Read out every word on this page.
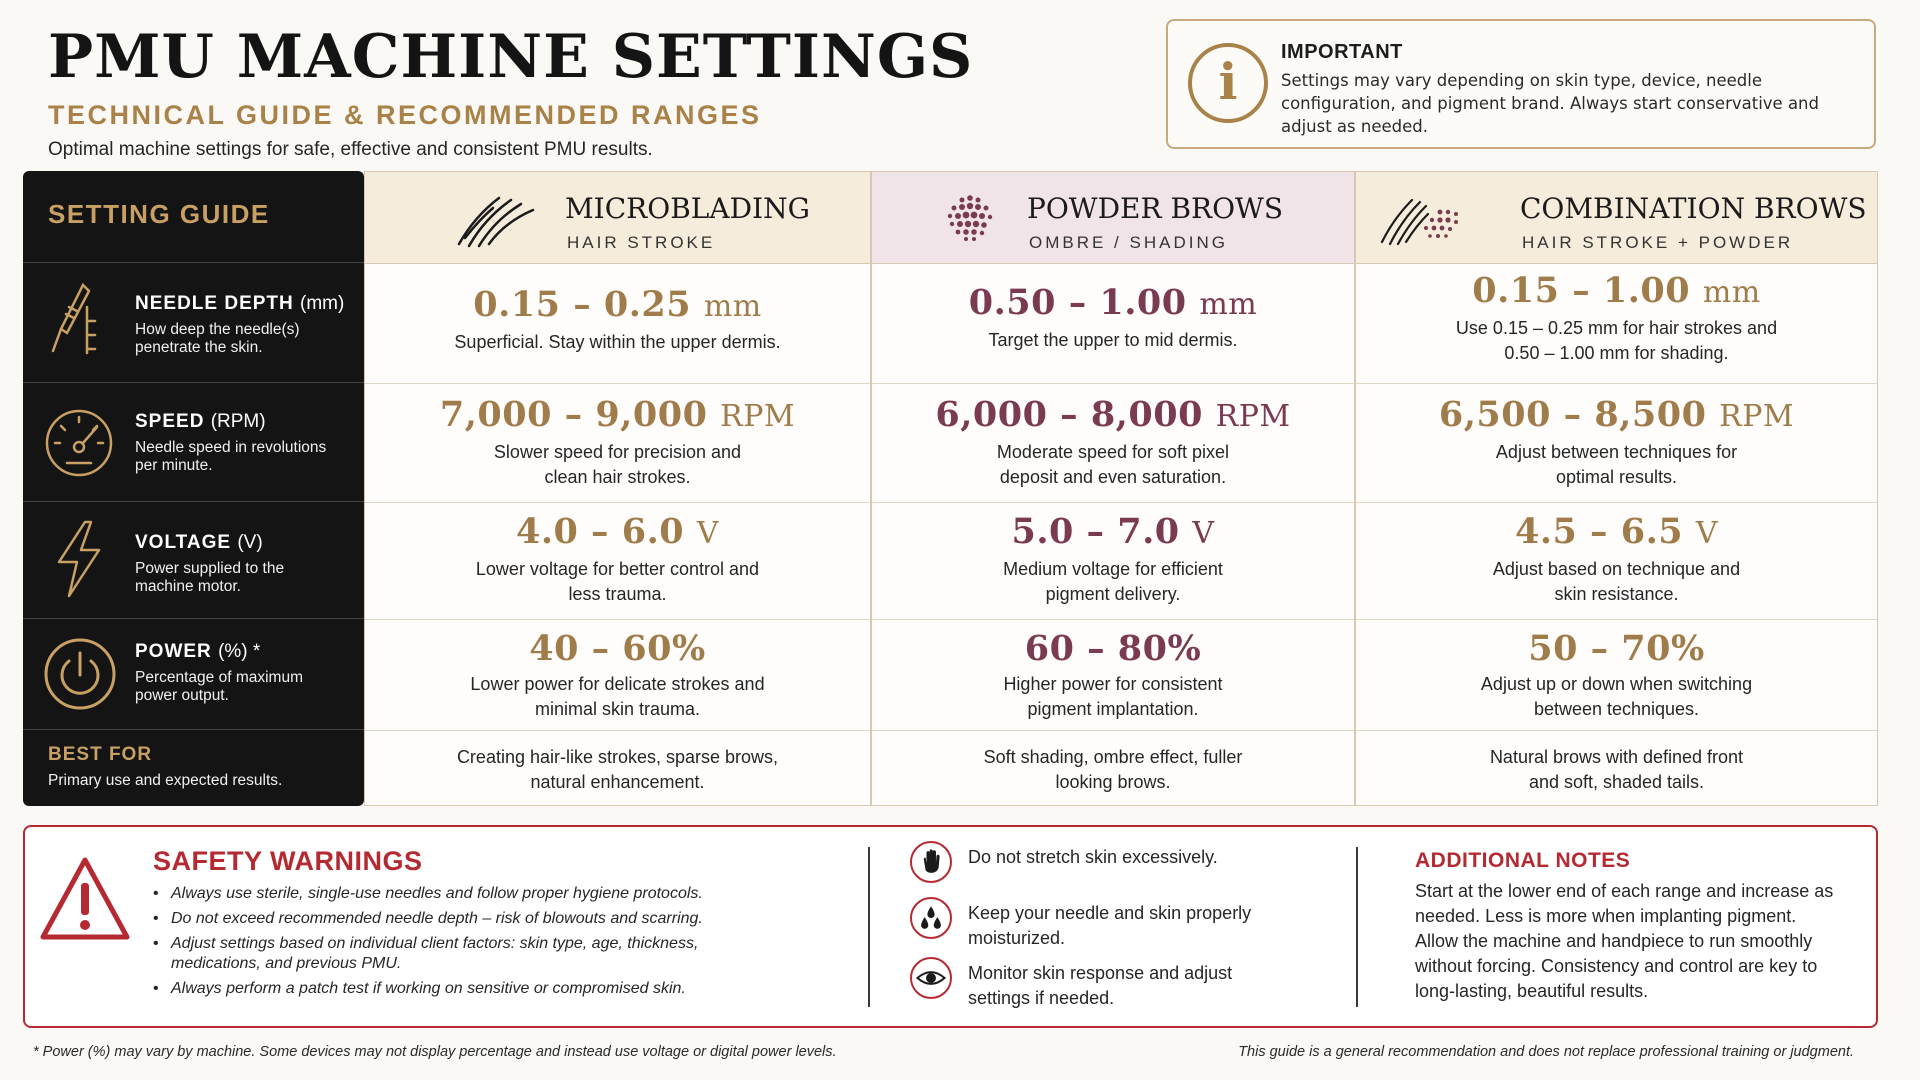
PMU MACHINE SETTINGS
TECHNICAL GUIDE & RECOMMENDED RANGES
Optimal machine settings for safe, effective and consistent PMU results.
i	IMPORTANT
Settings may vary depending on skin type, device, needle configuration, and pigment brand. Always start conservative and adjust as needed.
SETTING GUIDE
NEEDLE DEPTH (mm)
How deep the needle(s) penetrate the skin.
SPEED (RPM)
Needle speed in revolutions per minute.
VOLTAGE (V)
Power supplied to the machine motor.
POWER (%) *
Percentage of maximum power output.
BEST FOR
Primary use and expected results.
MICROBLADING
HAIR STROKE
0.15 – 0.25 mm
Superficial. Stay within the upper dermis.
7,000 – 9,000 RPM
Slower speed for precision and clean hair strokes.
4.0 – 6.0 V
Lower voltage for better control and less trauma.
40 – 60%
Lower power for delicate strokes and minimal skin trauma.
Creating hair-like strokes, sparse brows, natural enhancement.
POWDER BROWS
OMBRE / SHADING
0.50 – 1.00 mm
Target the upper to mid dermis.
6,000 – 8,000 RPM
Moderate speed for soft pixel deposit and even saturation.
5.0 – 7.0 V
Medium voltage for efficient pigment delivery.
60 – 80%
Higher power for consistent pigment implantation.
Soft shading, ombre effect, fuller looking brows.
COMBINATION BROWS
HAIR STROKE + POWDER
0.15 – 1.00 mm
Use 0.15 – 0.25 mm for hair strokes and 0.50 – 1.00 mm for shading.
6,500 – 8,500 RPM
Adjust between techniques for optimal results.
4.5 – 6.5 V
Adjust based on technique and skin resistance.
50 – 70%
Adjust up or down when switching between techniques.
Natural brows with defined front and soft, shaded tails.
SAFETY WARNINGS
• Always use sterile, single-use needles and follow proper hygiene protocols.
• Do not exceed recommended needle depth – risk of blowouts and scarring.
• Adjust settings based on individual client factors: skin type, age, thickness, medications, and previous PMU.
• Always perform a patch test if working on sensitive or compromised skin.
Do not stretch skin excessively.
Keep your needle and skin properly moisturized.
Monitor skin response and adjust settings if needed.
ADDITIONAL NOTES
Start at the lower end of each range and increase as needed. Less is more when implanting pigment. Allow the machine and handpiece to run smoothly without forcing. Consistency and control are key to long-lasting, beautiful results.
* Power (%) may vary by machine. Some devices may not display percentage and instead use voltage or digital power levels.	This guide is a general recommendation and does not replace professional training or judgment.
